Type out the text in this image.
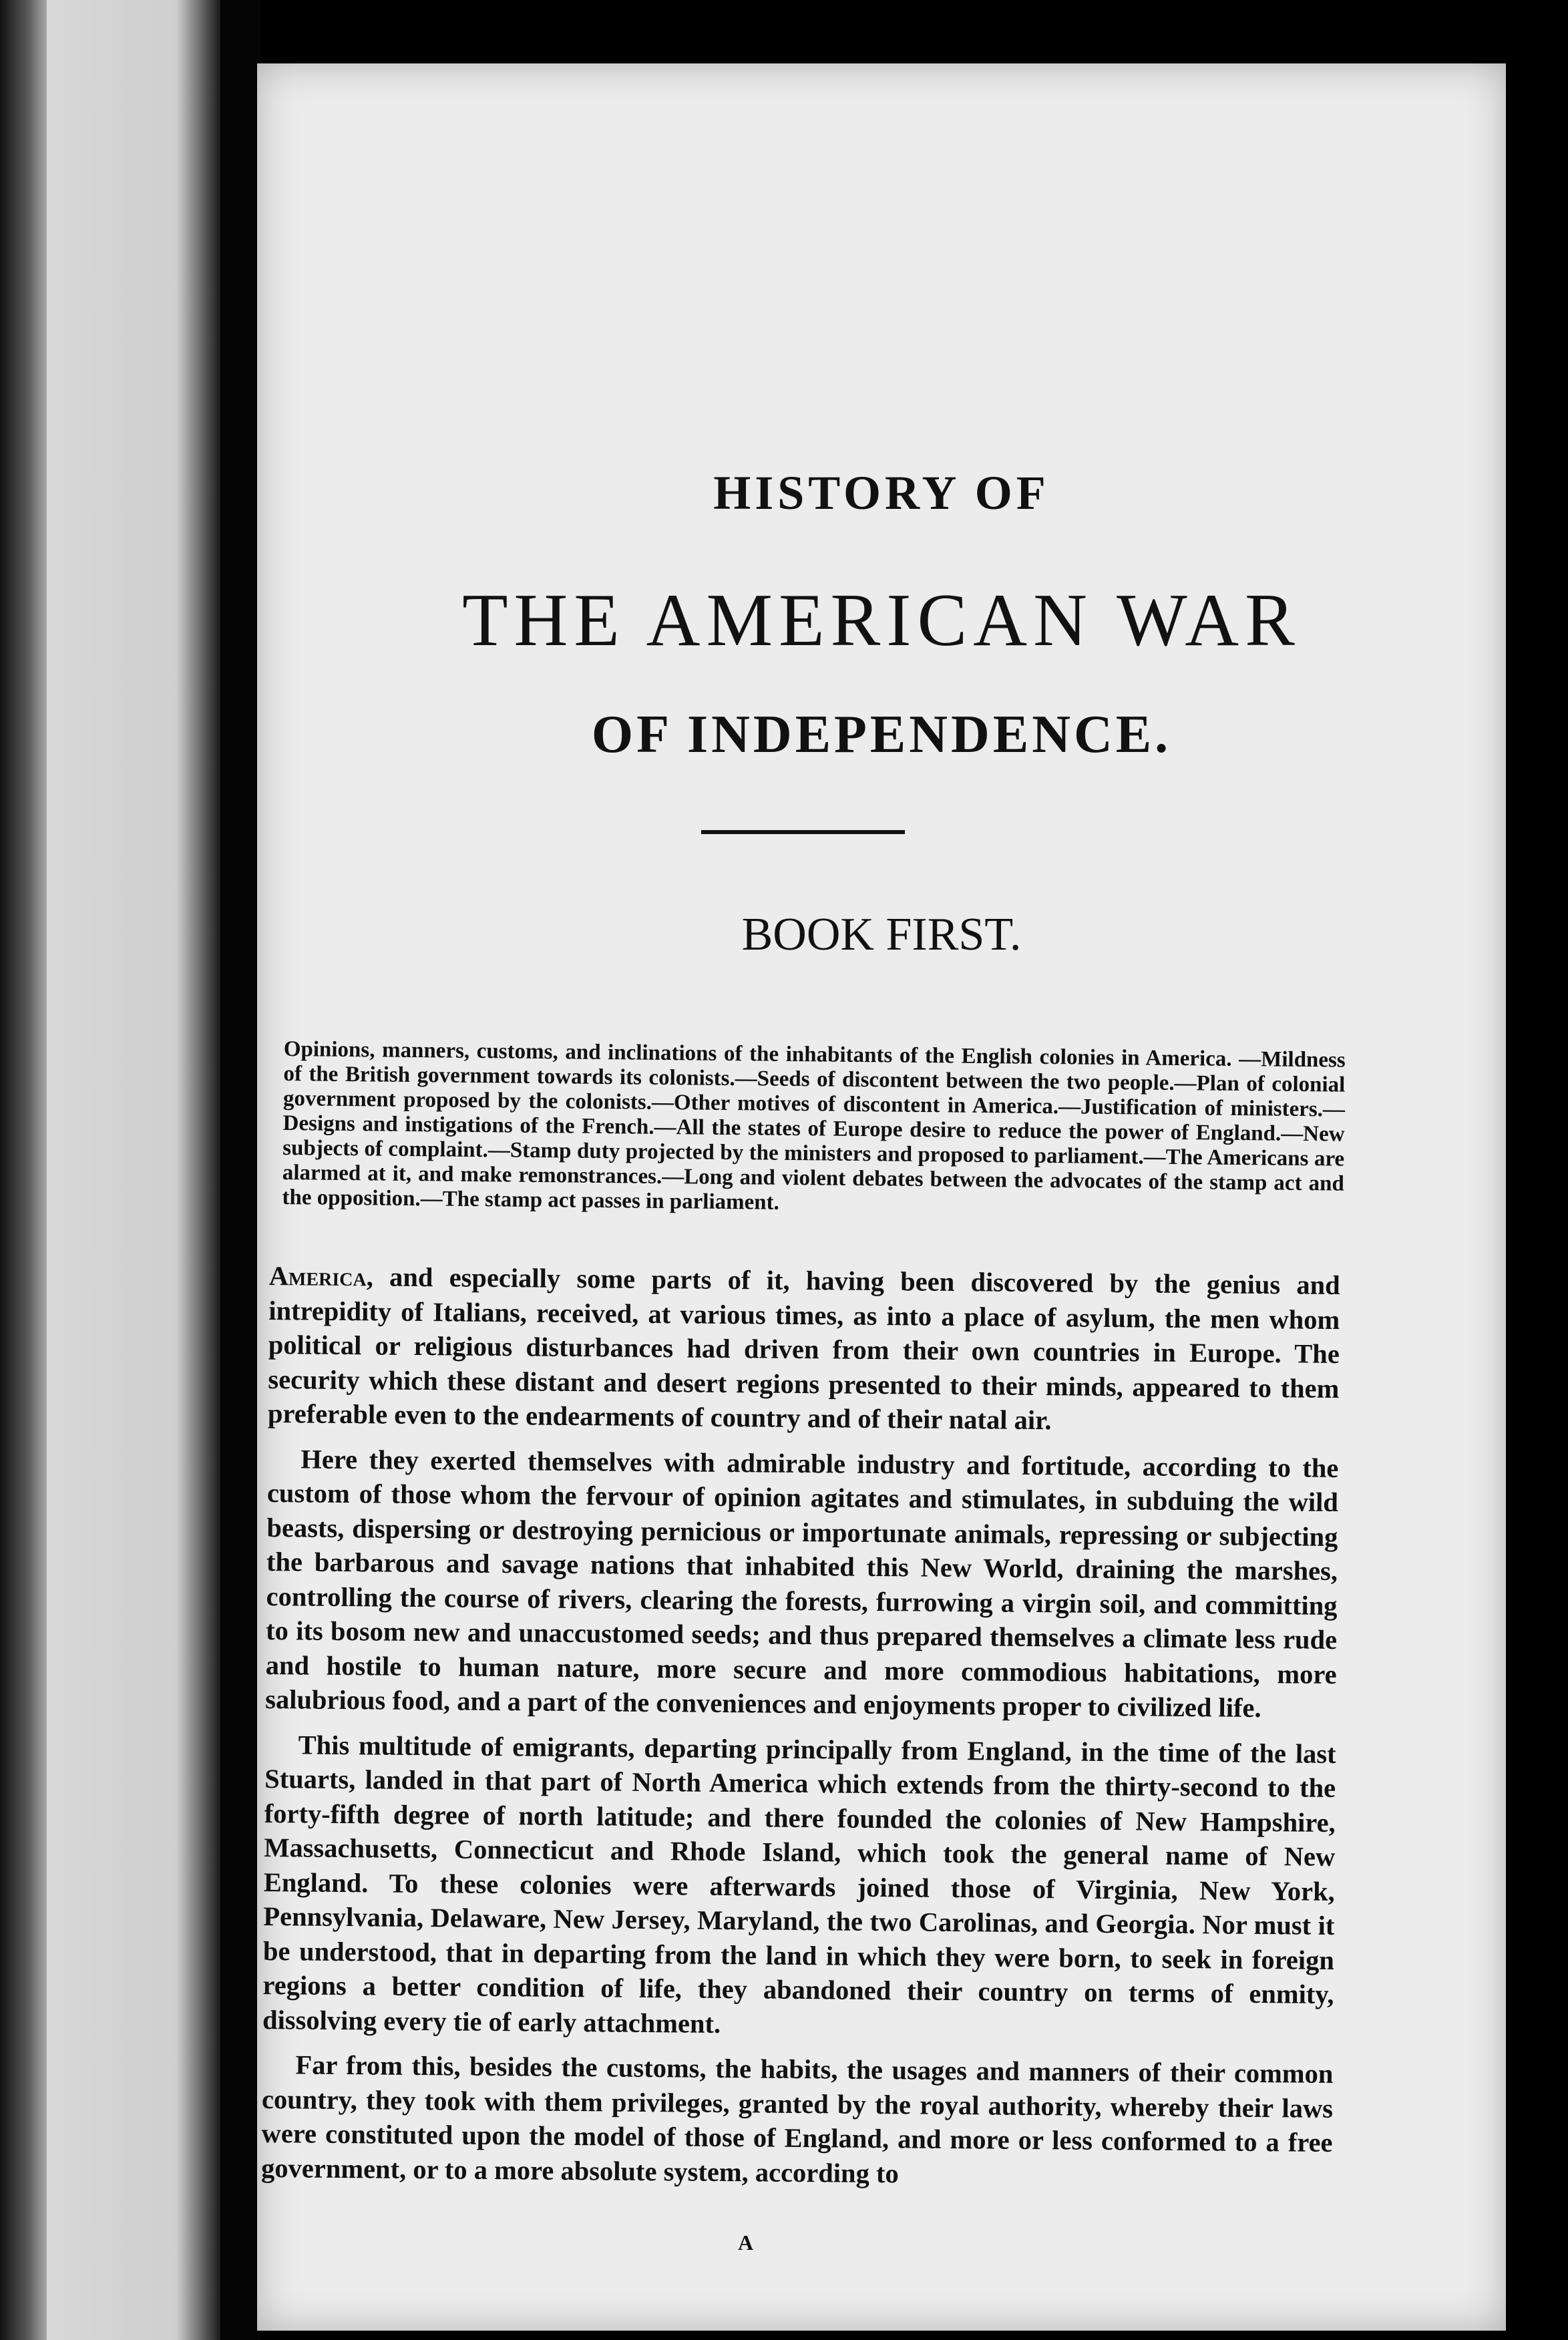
HISTORY OF
THE AMERICAN WAR
OF INDEPENDENCE.
BOOK FIRST.
Opinions, manners, customs, and inclinations of the inhabitants of the English colonies in America. —Mildness of the British government towards its colonists.—Seeds of discontent between the two people.—Plan of colonial government proposed by the colonists.—Other motives of discontent in America.—Justification of ministers.—Designs and instigations of the French.—All the states of Europe desire to reduce the power of England.—New subjects of complaint.—Stamp duty projected by the ministers and proposed to parliament.—The Americans are alarmed at it, and make remonstrances.—Long and violent debates between the advocates of the stamp act and the opposition.—The stamp act passes in parliament.

America, and especially some parts of it, having been discovered by the genius and intrepidity of Italians, received, at various times, as into a place of asylum, the men whom political or religious disturbances had driven from their own countries in Europe. The security which these distant and desert regions presented to their minds, appeared to them preferable even to the endearments of country and of their natal air.

Here they exerted themselves with admirable industry and fortitude, according to the custom of those whom the fervour of opinion agitates and stimulates, in subduing the wild beasts, dispersing or destroying pernicious or importunate animals, repressing or subjecting the barbarous and savage nations that inhabited this New World, draining the marshes, controlling the course of rivers, clearing the forests, furrowing a virgin soil, and committing to its bosom new and unaccustomed seeds; and thus prepared themselves a climate less rude and hostile to human nature, more secure and more commodious habitations, more salubrious food, and a part of the conveniences and enjoyments proper to civilized life.

This multitude of emigrants, departing principally from England, in the time of the last Stuarts, landed in that part of North America which extends from the thirty-second to the forty-fifth degree of north latitude; and there founded the colonies of New Hampshire, Massachusetts, Connecticut and Rhode Island, which took the general name of New England. To these colonies were afterwards joined those of Virginia, New York, Pennsylvania, Delaware, New Jersey, Maryland, the two Carolinas, and Georgia. Nor must it be understood, that in departing from the land in which they were born, to seek in foreign regions a better condition of life, they abandoned their country on terms of enmity, dissolving every tie of early attachment.

Far from this, besides the customs, the habits, the usages and manners of their common country, they took with them privileges, granted by the royal authority, whereby their laws were constituted upon the model of those of England, and more or less conformed to a free government, or to a more absolute system, according to

A
